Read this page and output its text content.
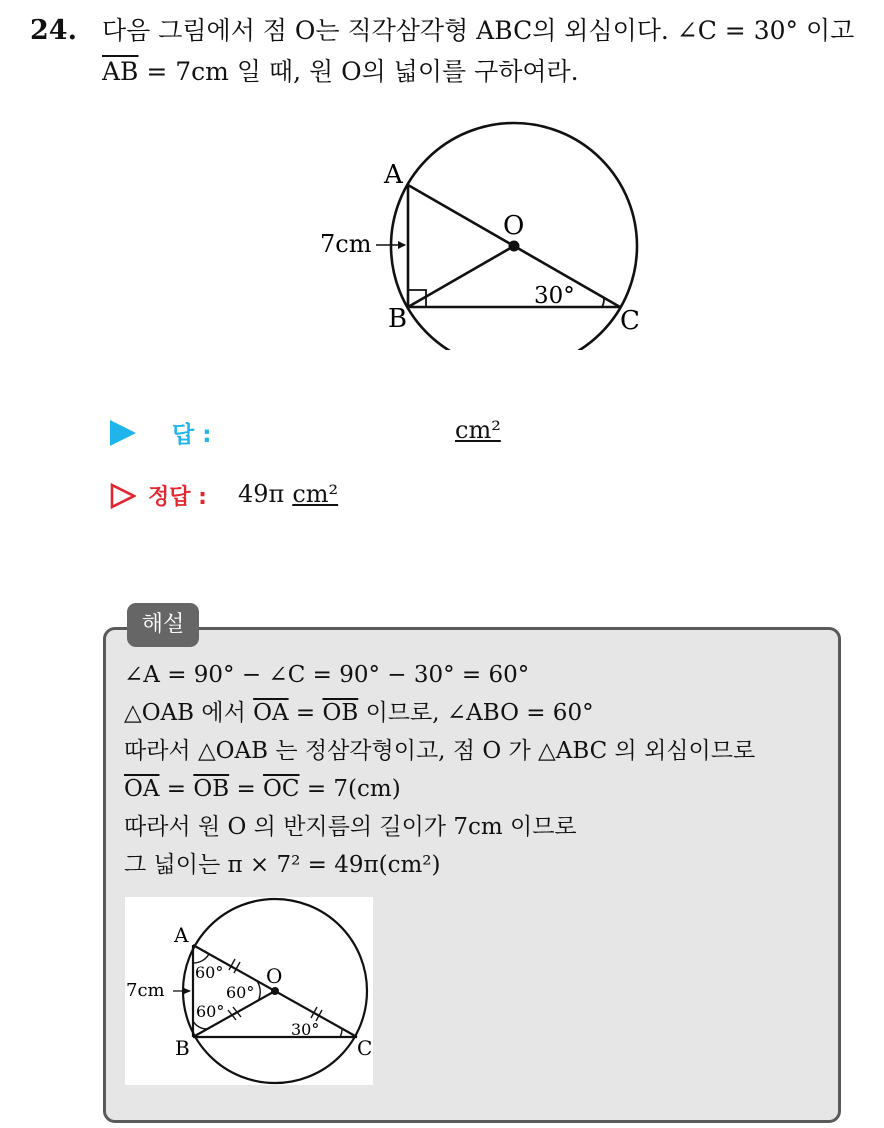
24. 다음 그림에서 점 O는 직각삼각형 ABC의 외심이다. ∠C = 30° 이고
$\overline{AB} = 7cm$ 일 때, 원 O의 넓이를 구하여라.
A
B	C
O
7cm
30°
답 :	cm²
정답 : 49π cm²
해설
∠A = 90° − ∠C = 90° − 30° = 60°
△OAB 에서 $\overline{OA} = \overline{OB}$ 이므로, ∠ABO = 60°
따라서 △OAB 는 정삼각형이고, 점 O 가 △ABC 의 외심이므로
$\overline{OA} = \overline{OB} = \overline{OC} = 7(cm)$
따라서 원 O 의 반지름의 길이가 7cm 이므로
그 넓이는 π × 7² = 49π(cm²)
A
B	C
O
7cm
60°
60°
60°
30°
